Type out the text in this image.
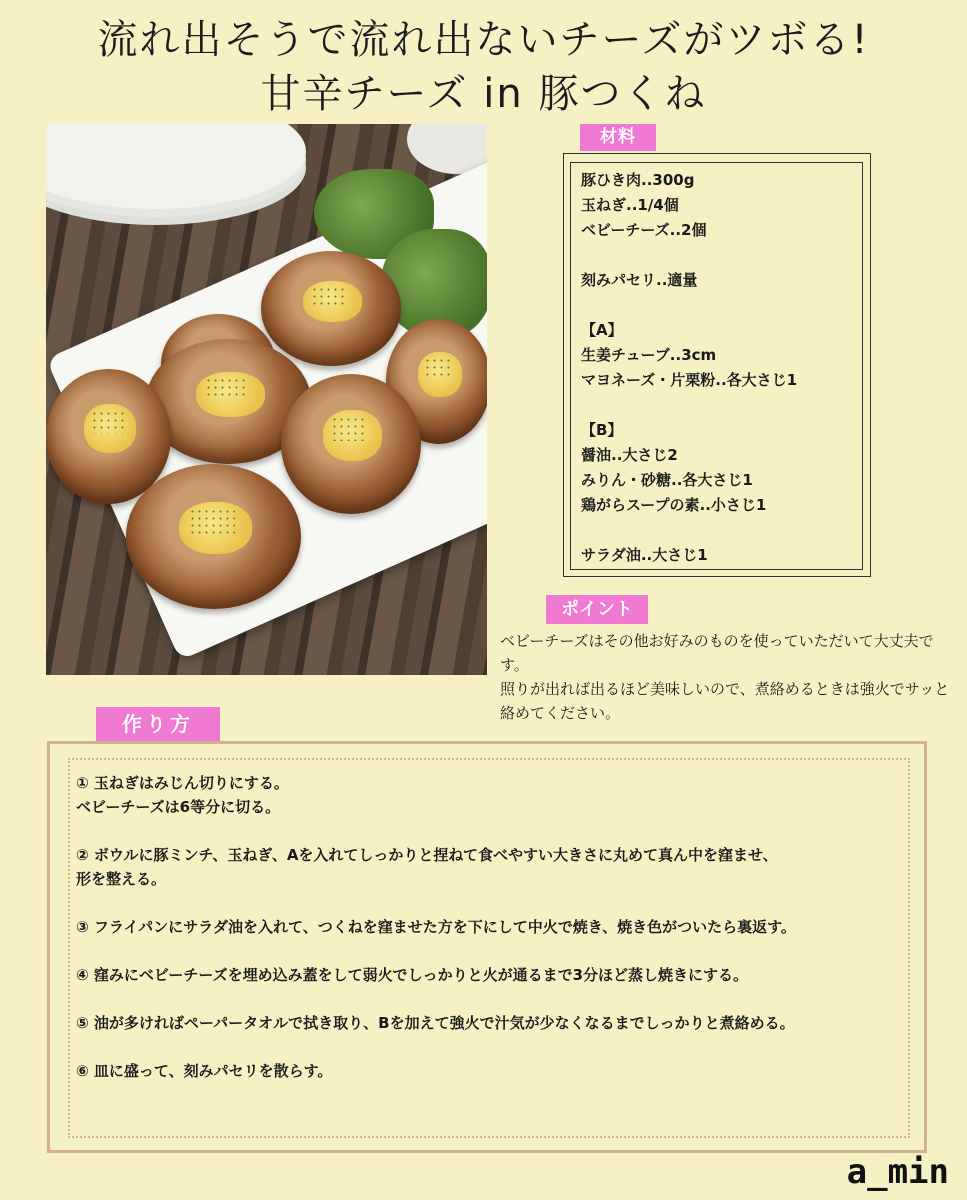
流れ出そうで流れ出ないチーズがツボる!
甘辛チーズ in 豚つくね
材料
豚ひき肉..300g
玉ねぎ..1/4個
ベビーチーズ..2個
刻みパセリ..適量
【A】
生姜チューブ..3cm
マヨネーズ・片栗粉..各大さじ1
【B】
醤油..大さじ2
みりん・砂糖..各大さじ1
鶏がらスープの素..小さじ1
サラダ油..大さじ1
ポイント
ベビーチーズはその他お好みのものを使っていただいて大丈夫です。
照りが出れば出るほど美味しいので、煮絡めるときは強火でサッと絡めてください。
作り方
① 玉ねぎはみじん切りにする。
ベビーチーズは6等分に切る。
② ボウルに豚ミンチ、玉ねぎ、Aを入れてしっかりと捏ねて食べやすい大きさに丸めて真ん中を窪ませ、
形を整える。
③ フライパンにサラダ油を入れて、つくねを窪ませた方を下にして中火で焼き、焼き色がついたら裏返す。
④ 窪みにベビーチーズを埋め込み蓋をして弱火でしっかりと火が通るまで3分ほど蒸し焼きにする。
⑤ 油が多ければペーパータオルで拭き取り、Bを加えて強火で汁気が少なくなるまでしっかりと煮絡める。
⑥ 皿に盛って、刻みパセリを散らす。
a_min
